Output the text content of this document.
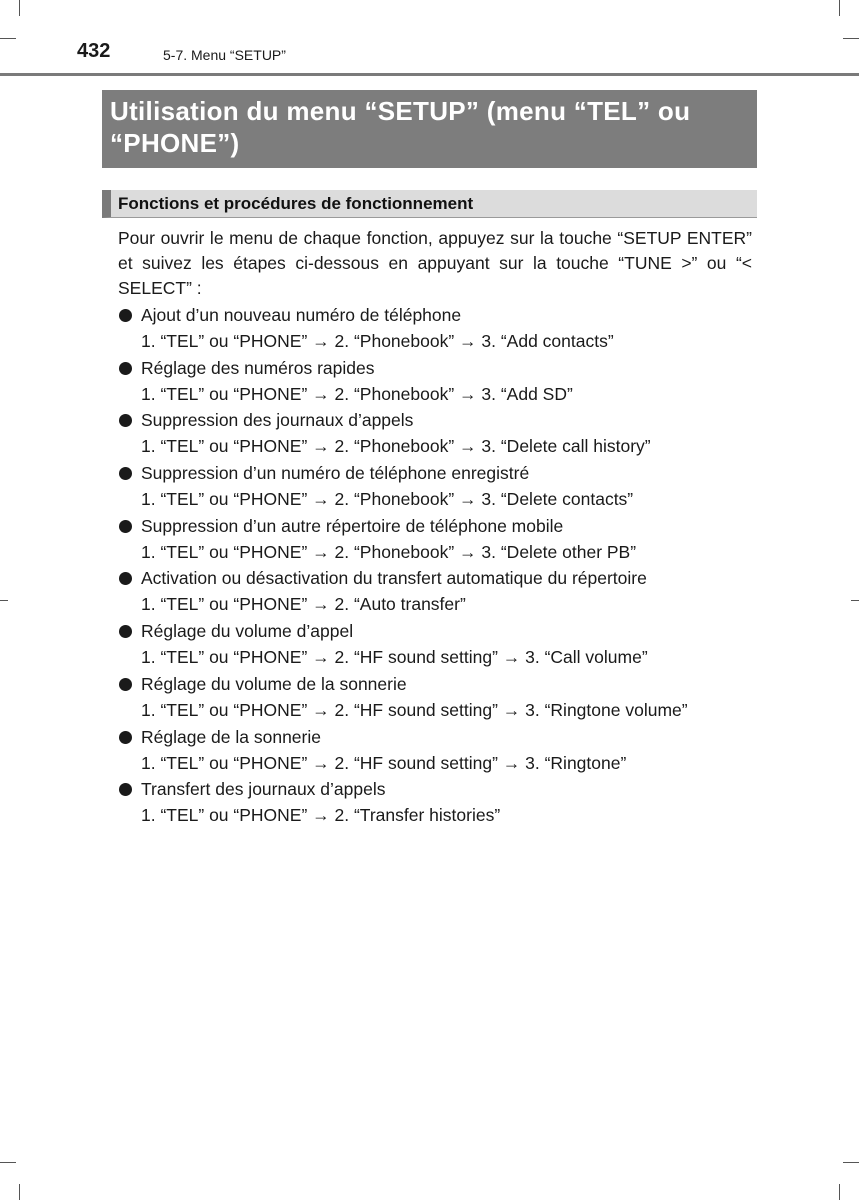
432	5-7. Menu “SETUP”
Utilisation du menu “SETUP” (menu “TEL” ou “PHONE”)
Fonctions et procédures de fonctionnement
Pour ouvrir le menu de chaque fonction, appuyez sur la touche “SETUP ENTER” et suivez les étapes ci-dessous en appuyant sur la touche “TUNE >” ou “< SELECT” :
Ajout d’un nouveau numéro de téléphone
1. “TEL” ou “PHONE” → 2. “Phonebook” → 3. “Add contacts”
Réglage des numéros rapides
1. “TEL” ou “PHONE” → 2. “Phonebook” → 3. “Add SD”
Suppression des journaux d’appels
1. “TEL” ou “PHONE” → 2. “Phonebook” → 3. “Delete call history”
Suppression d’un numéro de téléphone enregistré
1. “TEL” ou “PHONE” → 2. “Phonebook” → 3. “Delete contacts”
Suppression d’un autre répertoire de téléphone mobile
1. “TEL” ou “PHONE” → 2. “Phonebook” → 3. “Delete other PB”
Activation ou désactivation du transfert automatique du répertoire
1. “TEL” ou “PHONE” → 2. “Auto transfer”
Réglage du volume d’appel
1. “TEL” ou “PHONE” → 2. “HF sound setting” → 3. “Call volume”
Réglage du volume de la sonnerie
1. “TEL” ou “PHONE” → 2. “HF sound setting” → 3. “Ringtone volume”
Réglage de la sonnerie
1. “TEL” ou “PHONE” → 2. “HF sound setting” → 3. “Ringtone”
Transfert des journaux d’appels
1. “TEL” ou “PHONE” → 2. “Transfer histories”
